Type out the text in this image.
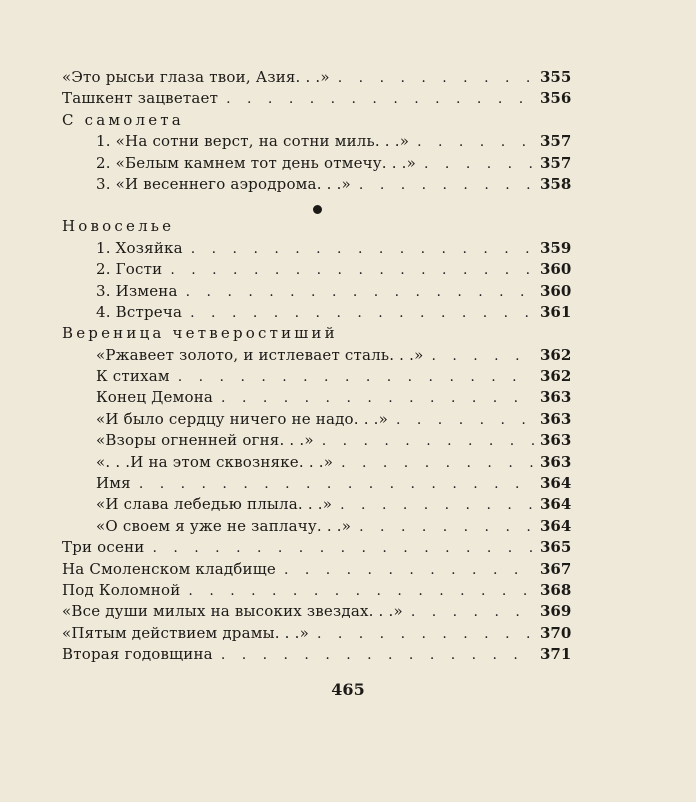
«Это рысьи глаза твои, Азия. . .» . . .	355
Ташкент зацветает . . .	356
С самолета
1. «На сотни верст, на сотни миль. . .» . . .	357
2. «Белым камнем тот день отмечу. . .» . . .	357
3. «И весеннего аэродрома. . .» . . .	358
Новоселье
1. Хозяйка . . .	359
2. Гости . . .	360
3. Измена . . .	360
4. Встреча . . .	361
Вереница четверостиший
«Ржавеет золото, и истлевает сталь. . .» . . .	362
К стихам . . .	362
Конец Демона . . .	363
«И было сердцу ничего не надо. . .» . . .	363
«Взоры огненней огня. . .» . . .	363
«. . .И на этом сквозняке. . .» . . .	363
Имя . . .	364
«И слава лебедью плыла. . .» . . .	364
«О своем я уже не заплачу. . .» . . .	364
Три осени . . .	365
На Смоленском кладбище . . .	367
Под Коломной . . .	368
«Все души милых на высоких звездах. . .» . . .	369
«Пятым действием драмы. . .» . . .	370
Вторая годовщина . . .	371
465
